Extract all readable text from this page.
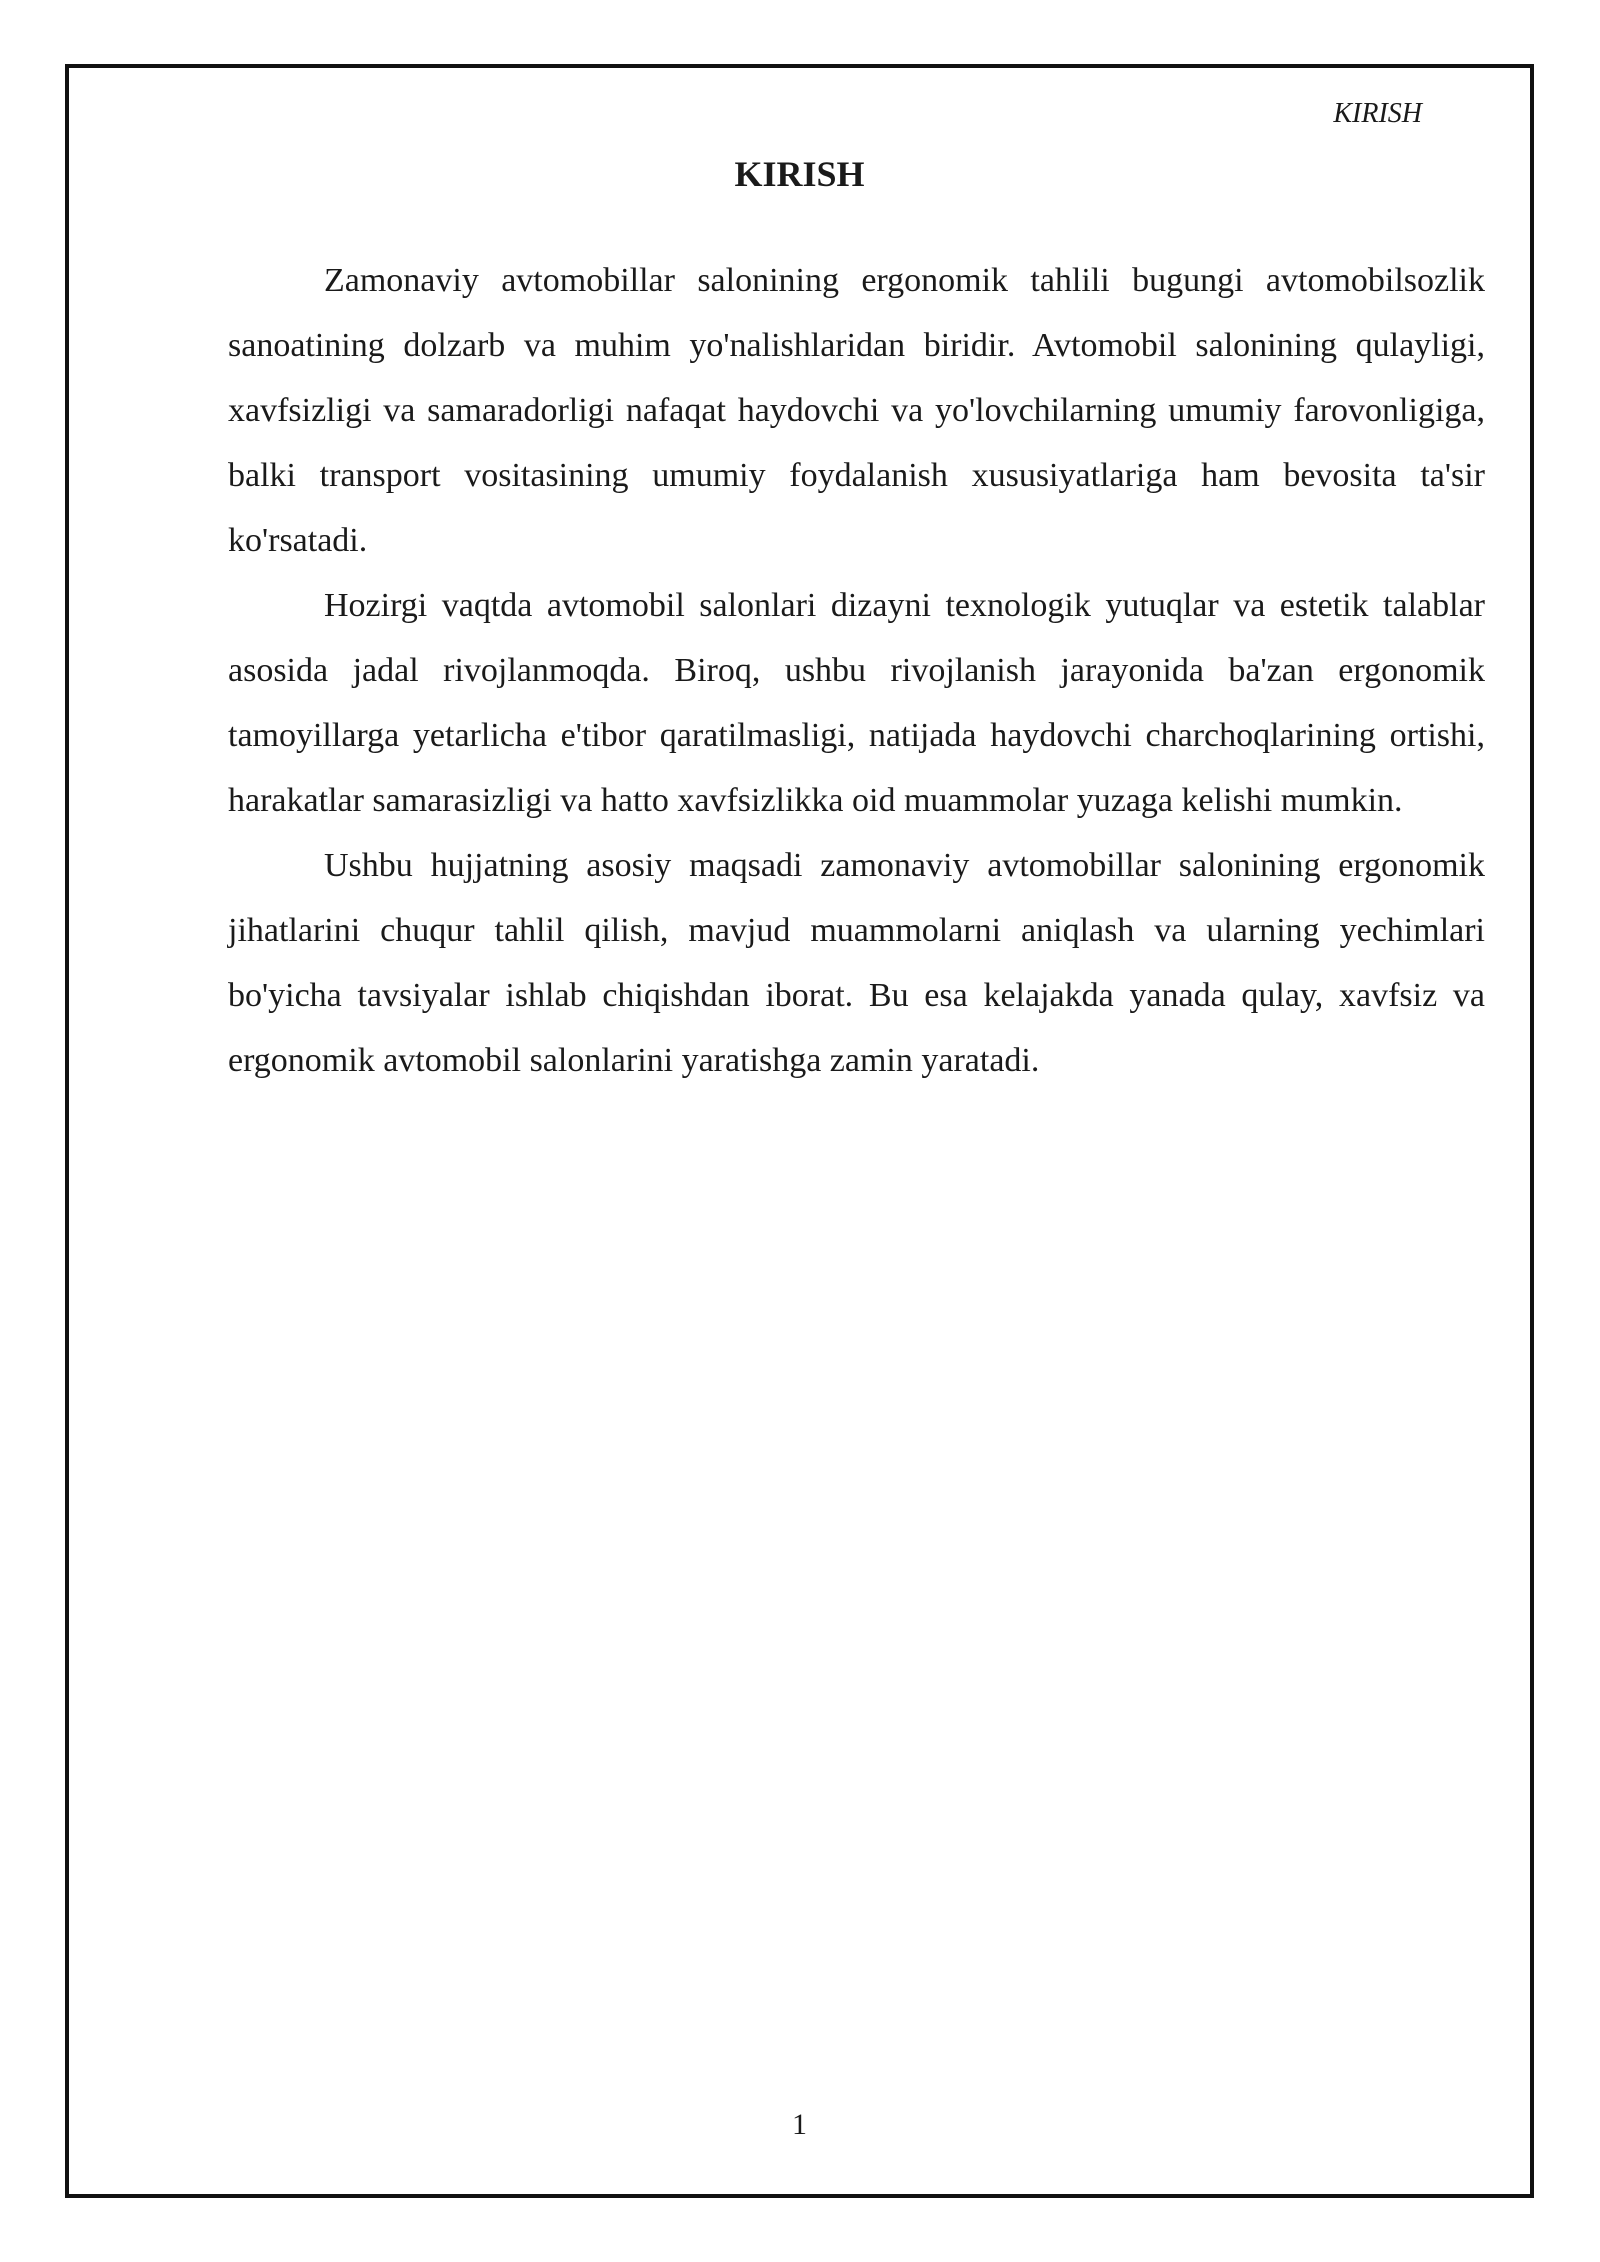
KIRISH
KIRISH

Zamonaviy avtomobillar salonining ergonomik tahlili bugungi avtomobilsozlik sanoatining dolzarb va muhim yo'nalishlaridan biridir. Avtomobil salonining qulayligi, xavfsizligi va samaradorligi nafaqat haydovchi va yo'lovchilarning umumiy farovonligiga, balki transport vositasining umumiy foydalanish xususiyatlariga ham bevosita ta'sir ko'rsatadi.

Hozirgi vaqtda avtomobil salonlari dizayni texnologik yutuqlar va estetik talablar asosida jadal rivojlanmoqda. Biroq, ushbu rivojlanish jarayonida ba'zan ergonomik tamoyillarga yetarlicha e'tibor qaratilmasligi, natijada haydovchi charchoqlarining ortishi, harakatlar samarasizligi va hatto xavfsizlikka oid muammolar yuzaga kelishi mumkin.

Ushbu hujjatning asosiy maqsadi zamonaviy avtomobillar salonining ergonomik jihatlarini chuqur tahlil qilish, mavjud muammolarni aniqlash va ularning yechimlari bo'yicha tavsiyalar ishlab chiqishdan iborat. Bu esa kelajakda yanada qulay, xavfsiz va ergonomik avtomobil salonlarini yaratishga zamin yaratadi.

1
